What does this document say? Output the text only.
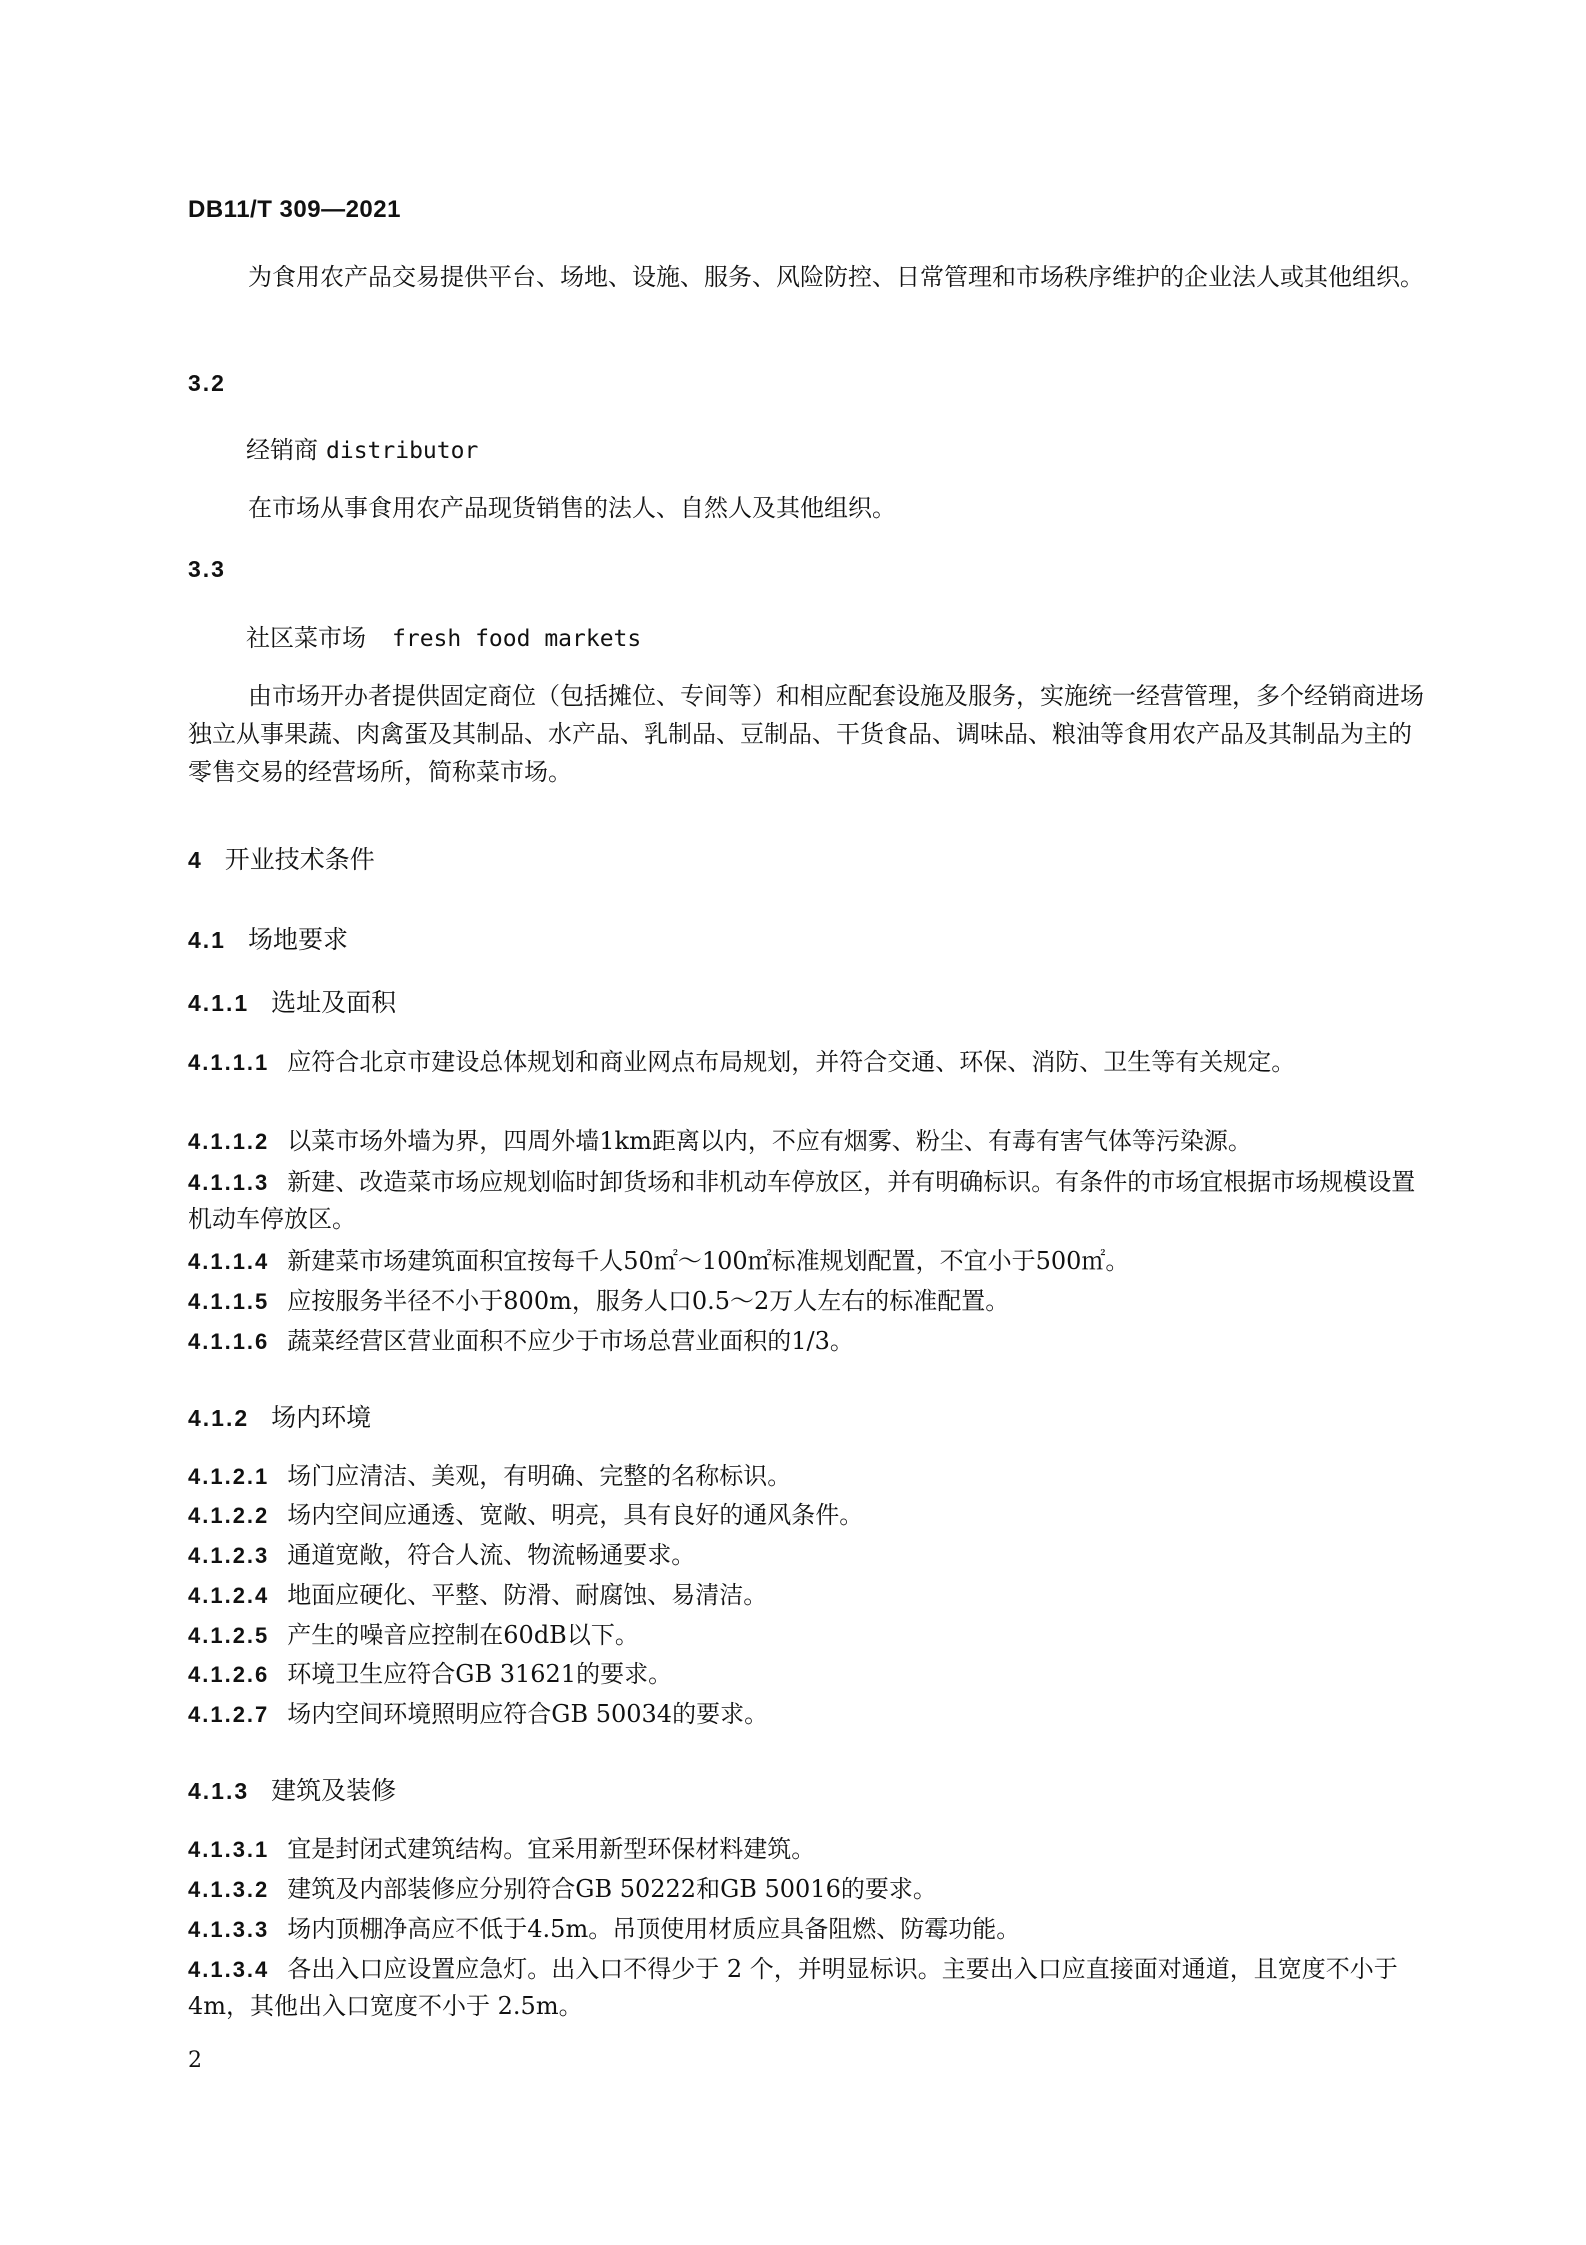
DB11/T 309—2021
为食用农产品交易提供平台、场地、设施、服务、风险防控、日常管理和市场秩序维护的企业法人或其他组织。
3.2
经销商 distributor
在市场从事食用农产品现货销售的法人、自然人及其他组织。
3.3
社区菜市场 fresh food markets
由市场开办者提供固定商位（包括摊位、专间等）和相应配套设施及服务，实施统一经营管理，多个经销商进场独立从事果蔬、肉禽蛋及其制品、水产品、乳制品、豆制品、干货食品、调味品、粮油等食用农产品及其制品为主的零售交易的经营场所，简称菜市场。
4 开业技术条件
4.1 场地要求
4.1.1 选址及面积
4.1.1.1 应符合北京市建设总体规划和商业网点布局规划，并符合交通、环保、消防、卫生等有关规定。
4.1.1.2 以菜市场外墙为界，四周外墙1km距离以内，不应有烟雾、粉尘、有毒有害气体等污染源。
4.1.1.3 新建、改造菜市场应规划临时卸货场和非机动车停放区，并有明确标识。有条件的市场宜根据市场规模设置机动车停放区。
4.1.1.4 新建菜市场建筑面积宜按每千人50㎡～100㎡标准规划配置，不宜小于500㎡。
4.1.1.5 应按服务半径不小于800m，服务人口0.5～2万人左右的标准配置。
4.1.1.6 蔬菜经营区营业面积不应少于市场总营业面积的1/3。
4.1.2 场内环境
4.1.2.1 场门应清洁、美观，有明确、完整的名称标识。
4.1.2.2 场内空间应通透、宽敞、明亮，具有良好的通风条件。
4.1.2.3 通道宽敞，符合人流、物流畅通要求。
4.1.2.4 地面应硬化、平整、防滑、耐腐蚀、易清洁。
4.1.2.5 产生的噪音应控制在60dB以下。
4.1.2.6 环境卫生应符合GB 31621的要求。
4.1.2.7 场内空间环境照明应符合GB 50034的要求。
4.1.3 建筑及装修
4.1.3.1 宜是封闭式建筑结构。宜采用新型环保材料建筑。
4.1.3.2 建筑及内部装修应分别符合GB 50222和GB 50016的要求。
4.1.3.3 场内顶棚净高应不低于4.5m。吊顶使用材质应具备阻燃、防霉功能。
4.1.3.4 各出入口应设置应急灯。出入口不得少于 2 个，并明显标识。主要出入口应直接面对通道，且宽度不小于 4m，其他出入口宽度不小于 2.5m。
2
